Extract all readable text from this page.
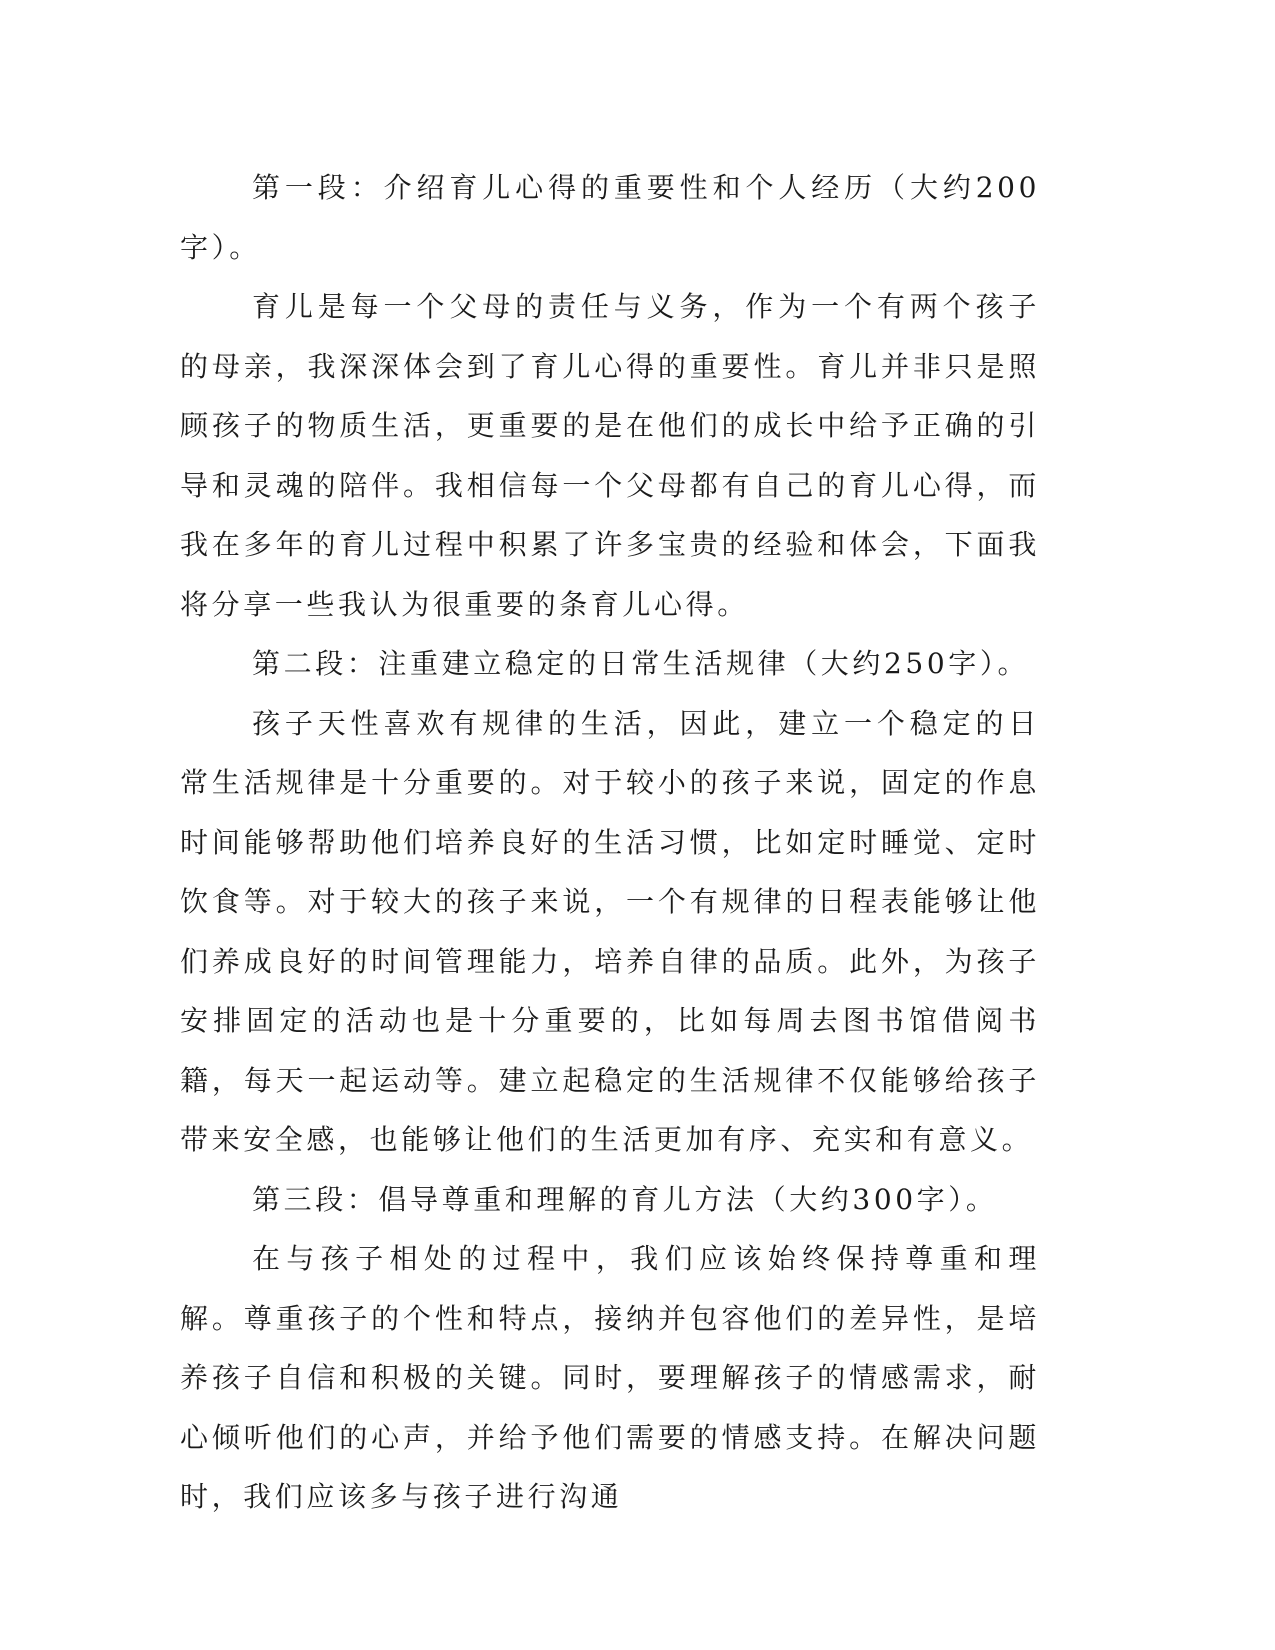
第一段：介绍育儿心得的重要性和个人经历（大约200字）。

育儿是每一个父母的责任与义务，作为一个有两个孩子的母亲，我深深体会到了育儿心得的重要性。育儿并非只是照顾孩子的物质生活，更重要的是在他们的成长中给予正确的引导和灵魂的陪伴。我相信每一个父母都有自己的育儿心得，而我在多年的育儿过程中积累了许多宝贵的经验和体会，下面我将分享一些我认为很重要的条育儿心得。

第二段：注重建立稳定的日常生活规律（大约250字）。

孩子天性喜欢有规律的生活，因此，建立一个稳定的日常生活规律是十分重要的。对于较小的孩子来说，固定的作息时间能够帮助他们培养良好的生活习惯，比如定时睡觉、定时饮食等。对于较大的孩子来说，一个有规律的日程表能够让他们养成良好的时间管理能力，培养自律的品质。此外，为孩子安排固定的活动也是十分重要的，比如每周去图书馆借阅书籍，每天一起运动等。建立起稳定的生活规律不仅能够给孩子带来安全感，也能够让他们的生活更加有序、充实和有意义。

第三段：倡导尊重和理解的育儿方法（大约300字）。

在与孩子相处的过程中，我们应该始终保持尊重和理解。尊重孩子的个性和特点，接纳并包容他们的差异性，是培养孩子自信和积极的关键。同时，要理解孩子的情感需求，耐心倾听他们的心声，并给予他们需要的情感支持。在解决问题时，我们应该多与孩子进行沟通
